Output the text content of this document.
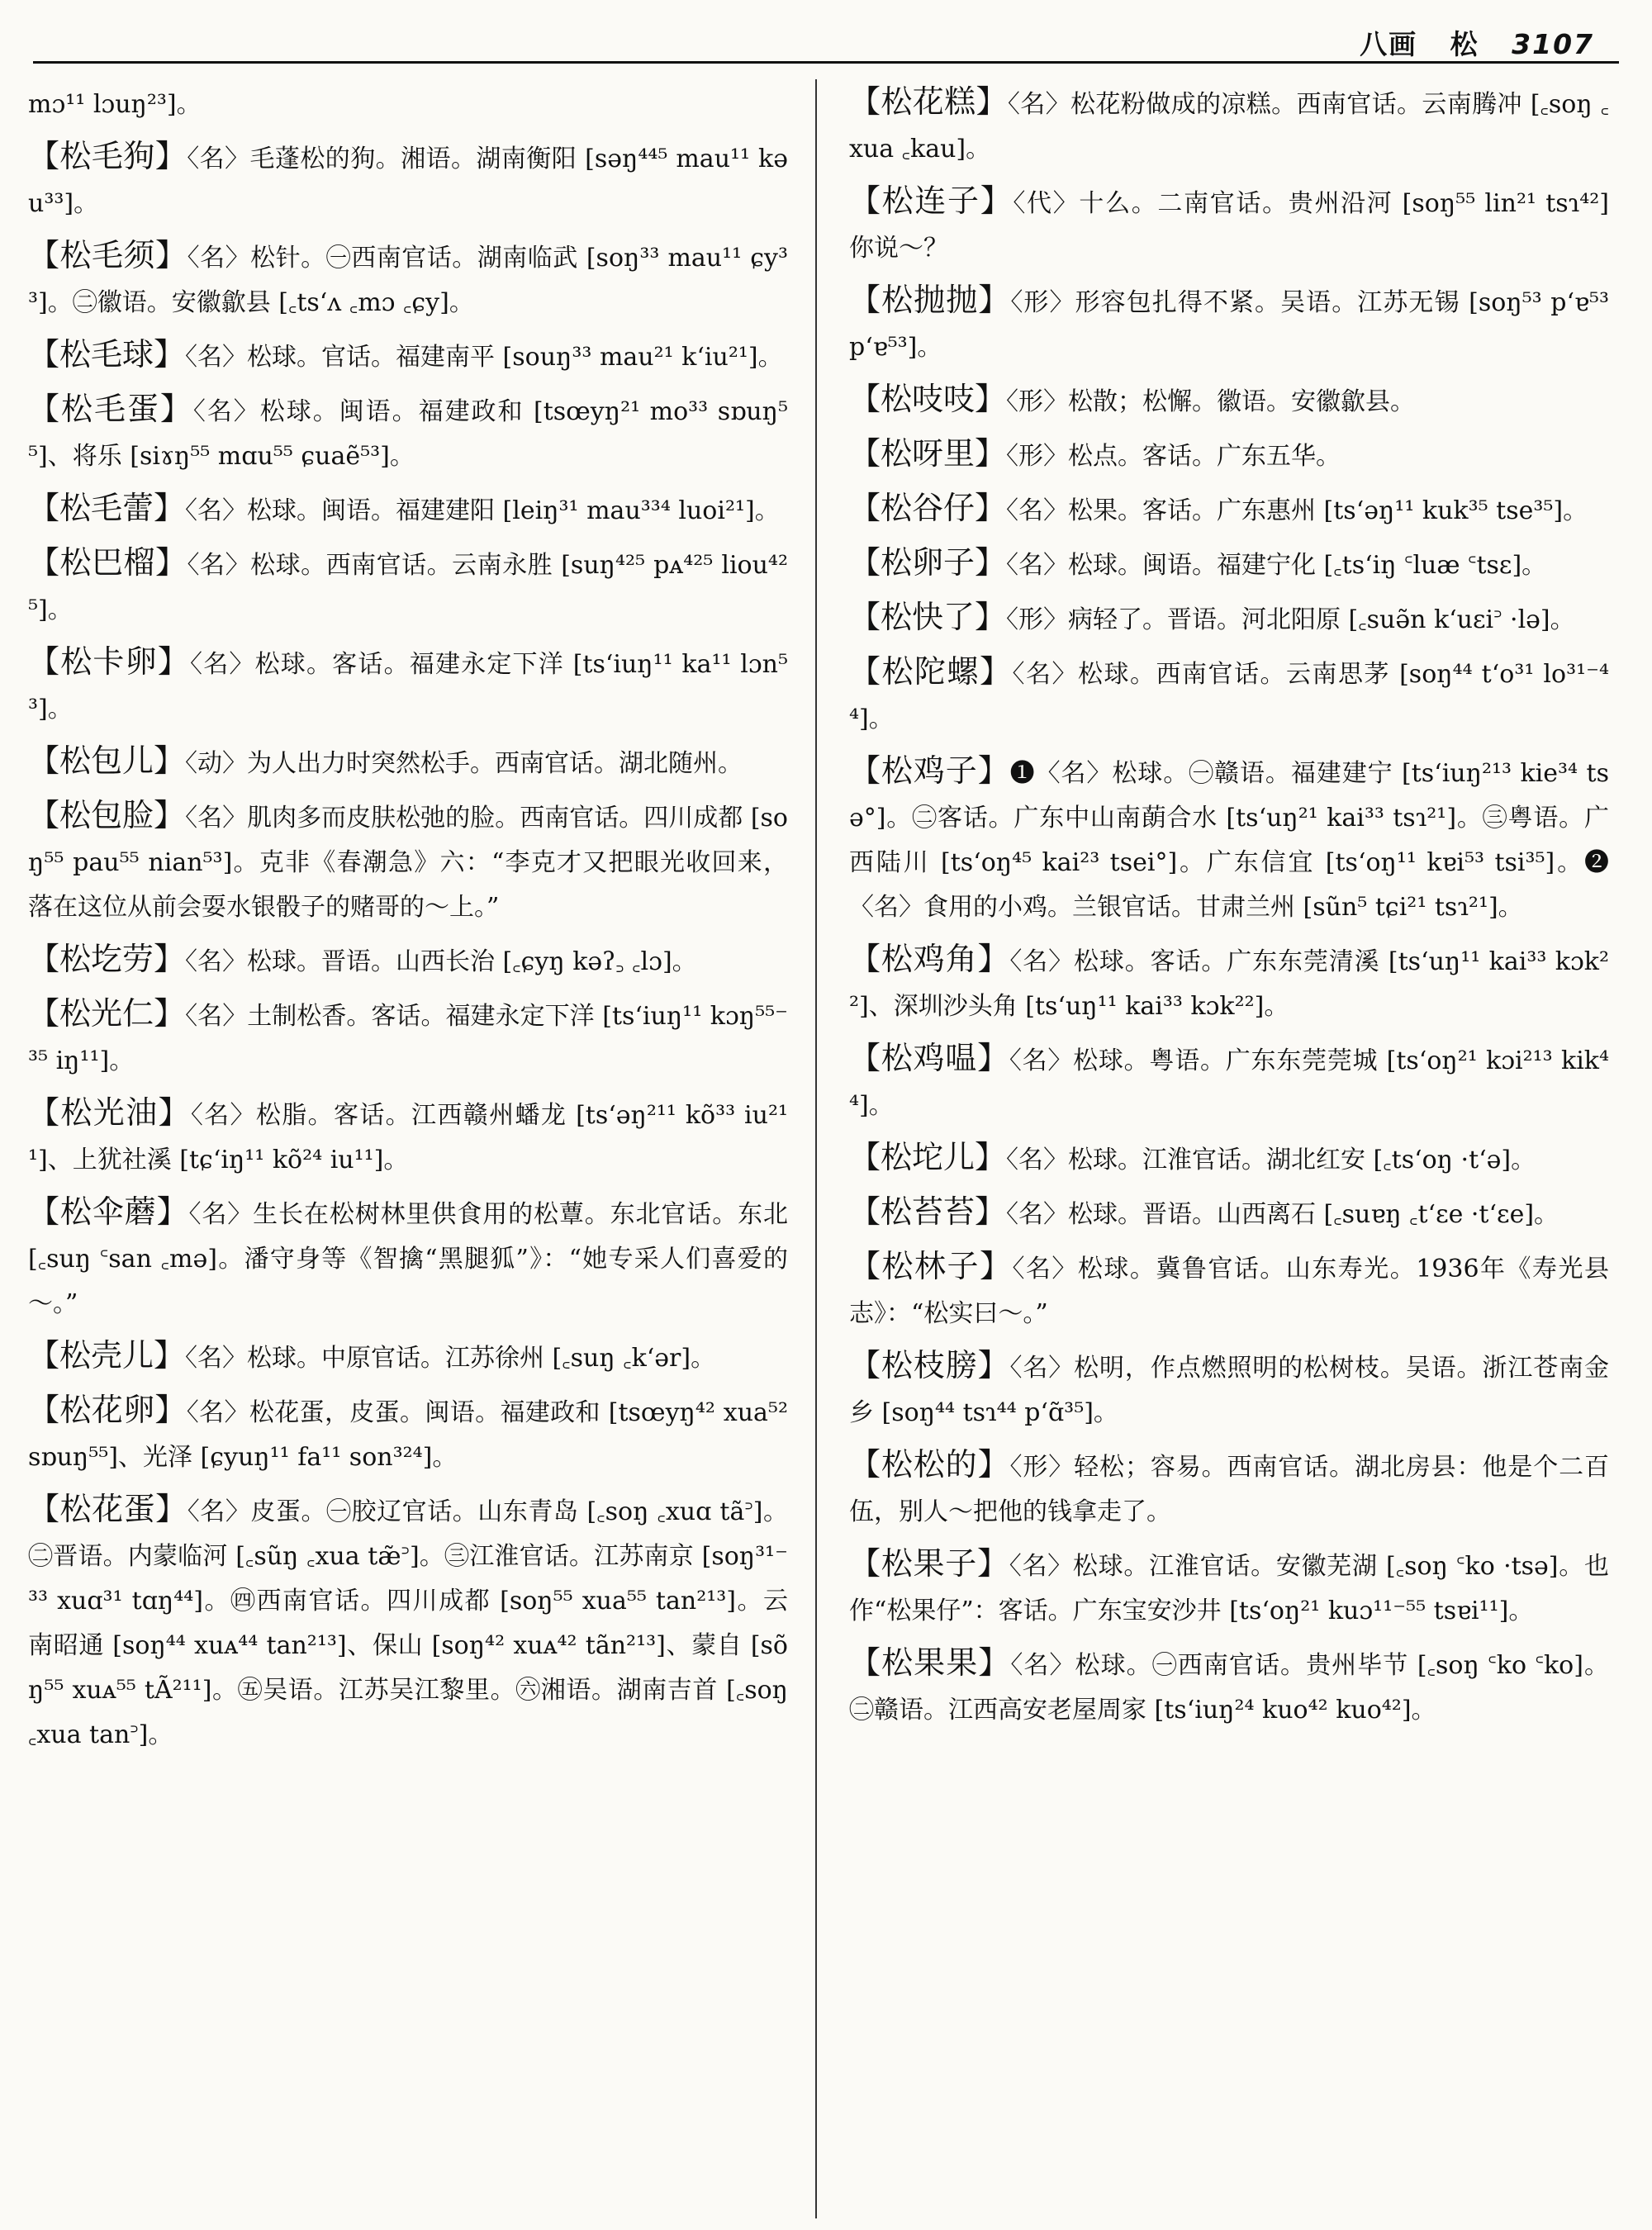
八画 松 3107

mɔ¹¹ lɔuŋ²³]。

【松毛狗】〈名〉毛蓬松的狗。湘语。湖南衡阳 [səŋ⁴⁴⁵ mau¹¹ kəu³³]。

【松毛须】〈名〉松针。㊀西南官话。湖南临武 [soŋ³³ mau¹¹ ɕy³³]。㊁徽语。安徽歙县 [꜀tsʻʌ ꜀mɔ ꜀ɕy]。

【松毛球】〈名〉松球。官话。福建南平 [souŋ³³ mau²¹ kʻiu²¹]。

【松毛蛋】〈名〉松球。闽语。福建政和 [tsœyŋ²¹ mo³³ sɒuŋ⁵⁵]、将乐 [siɤŋ⁵⁵ mɑu⁵⁵ ɕuaẽ⁵³]。

【松毛蕾】〈名〉松球。闽语。福建建阳 [leiŋ³¹ mau³³⁴ luoi²¹]。

【松巴榴】〈名〉松球。西南官话。云南永胜 [suŋ⁴²⁵ pᴀ⁴²⁵ liou⁴²⁵]。

【松卡卵】〈名〉松球。客话。福建永定下洋 [tsʻiuŋ¹¹ ka¹¹ lɔn⁵³]。

【松包儿】〈动〉为人出力时突然松手。西南官话。湖北随州。

【松包脸】〈名〉肌肉多而皮肤松弛的脸。西南官话。四川成都 [soŋ⁵⁵ pau⁵⁵ nian⁵³]。克非《春潮急》六：“李克才又把眼光收回来，落在这位从前会耍水银骰子的赌哥的～上。”

【松圪劳】〈名〉松球。晋语。山西长治 [꜀ɕyŋ kəʔ꜆ ꜀lɔ]。

【松光仁】〈名〉土制松香。客话。福建永定下洋 [tsʻiuŋ¹¹ kɔŋ⁵⁵⁻³⁵ iŋ¹¹]。

【松光油】〈名〉松脂。客话。江西赣州蟠龙 [tsʻəŋ²¹¹ kõ³³ iu²¹¹]、上犹社溪 [tɕʻiŋ¹¹ kõ²⁴ iu¹¹]。

【松伞蘑】〈名〉生长在松树林里供食用的松蕈。东北官话。东北 [꜀suŋ ꜂san ꜀mə]。潘守身等《智擒“黑腿狐”》：“她专采人们喜爱的～。”

【松壳儿】〈名〉松球。中原官话。江苏徐州 [꜀suŋ ꜀kʻər]。

【松花卵】〈名〉松花蛋，皮蛋。闽语。福建政和 [tsœyŋ⁴² xua⁵² sɒuŋ⁵⁵]、光泽 [ɕyuŋ¹¹ fa¹¹ son³²⁴]。

【松花蛋】〈名〉皮蛋。㊀胶辽官话。山东青岛 [꜀soŋ ꜀xuɑ tã꜄]。㊁晋语。内蒙临河 [꜀sũŋ ꜀xua tæ̃꜄]。㊂江淮官话。江苏南京 [soŋ³¹⁻³³ xuɑ³¹ tɑŋ⁴⁴]。㊃西南官话。四川成都 [soŋ⁵⁵ xua⁵⁵ tan²¹³]。云南昭通 [soŋ⁴⁴ xuᴀ⁴⁴ tan²¹³]、保山 [soŋ⁴² xuᴀ⁴² tãn²¹³]、蒙自 [sõŋ⁵⁵ xuᴀ⁵⁵ tÃ²¹¹]。㊄吴语。江苏吴江黎里。㊅湘语。湖南吉首 [꜀soŋ ꜀xua tan꜄]。

【松花糕】〈名〉松花粉做成的凉糕。西南官话。云南腾冲 [꜀soŋ ꜀xua ꜀kau]。

【松连子】〈代〉十么。二南官话。贵州沿河 [soŋ⁵⁵ lin²¹ tsɿ⁴²] 你说～？

【松抛抛】〈形〉形容包扎得不紧。吴语。江苏无锡 [soŋ⁵³ pʻɐ⁵³ pʻɐ⁵³]。

【松吱吱】〈形〉松散；松懈。徽语。安徽歙县。

【松呀里】〈形〉松点。客话。广东五华。

【松谷仔】〈名〉松果。客话。广东惠州 [tsʻəŋ¹¹ kuk³⁵ tse³⁵]。

【松卵子】〈名〉松球。闽语。福建宁化 [꜀tsʻiŋ ꜂luæ ꜂tsɛ]。

【松快了】〈形〉病轻了。晋语。河北阳原 [꜀suə̃n kʻuɛi꜄ ·lə]。

【松陀螺】〈名〉松球。西南官话。云南思茅 [soŋ⁴⁴ tʻo³¹ lo³¹⁻⁴⁴]。

【松鸡子】❶〈名〉松球。㊀赣语。福建建宁 [tsʻiuŋ²¹³ kie³⁴ tsə°]。㊁客话。广东中山南蓢合水 [tsʻuŋ²¹ kai³³ tsɿ²¹]。㊂粤语。广西陆川 [tsʻoŋ⁴⁵ kai²³ tsei°]。广东信宜 [tsʻoŋ¹¹ kɐi⁵³ tsi³⁵]。❷〈名〉食用的小鸡。兰银官话。甘肃兰州 [sũn⁵ tɕi²¹ tsɿ²¹]。

【松鸡角】〈名〉松球。客话。广东东莞清溪 [tsʻuŋ¹¹ kai³³ kɔk²²]、深圳沙头角 [tsʻuŋ¹¹ kai³³ kɔk²²]。

【松鸡嗢】〈名〉松球。粤语。广东东莞莞城 [tsʻoŋ²¹ kɔi²¹³ kik⁴⁴]。

【松坨儿】〈名〉松球。江淮官话。湖北红安 [꜀tsʻoŋ ·tʻə]。

【松苔苔】〈名〉松球。晋语。山西离石 [꜀suɐŋ ꜀tʻɛe ·tʻɛe]。

【松林子】〈名〉松球。冀鲁官话。山东寿光。1936年《寿光县志》：“松实曰～。”

【松枝膀】〈名〉松明，作点燃照明的松树枝。吴语。浙江苍南金乡 [soŋ⁴⁴ tsɿ⁴⁴ pʻɑ̃³⁵]。

【松松的】〈形〉轻松；容易。西南官话。湖北房县：他是个二百伍，别人～把他的钱拿走了。

【松果子】〈名〉松球。江淮官话。安徽芜湖 [꜀soŋ ꜂ko ·tsə]。也作“松果仔”：客话。广东宝安沙井 [tsʻoŋ²¹ kuɔ¹¹⁻⁵⁵ tsɐi¹¹]。

【松果果】〈名〉松球。㊀西南官话。贵州毕节 [꜀soŋ ꜂ko ꜂ko]。㊁赣语。江西高安老屋周家 [tsʻiuŋ²⁴ kuo⁴² kuo⁴²]。
